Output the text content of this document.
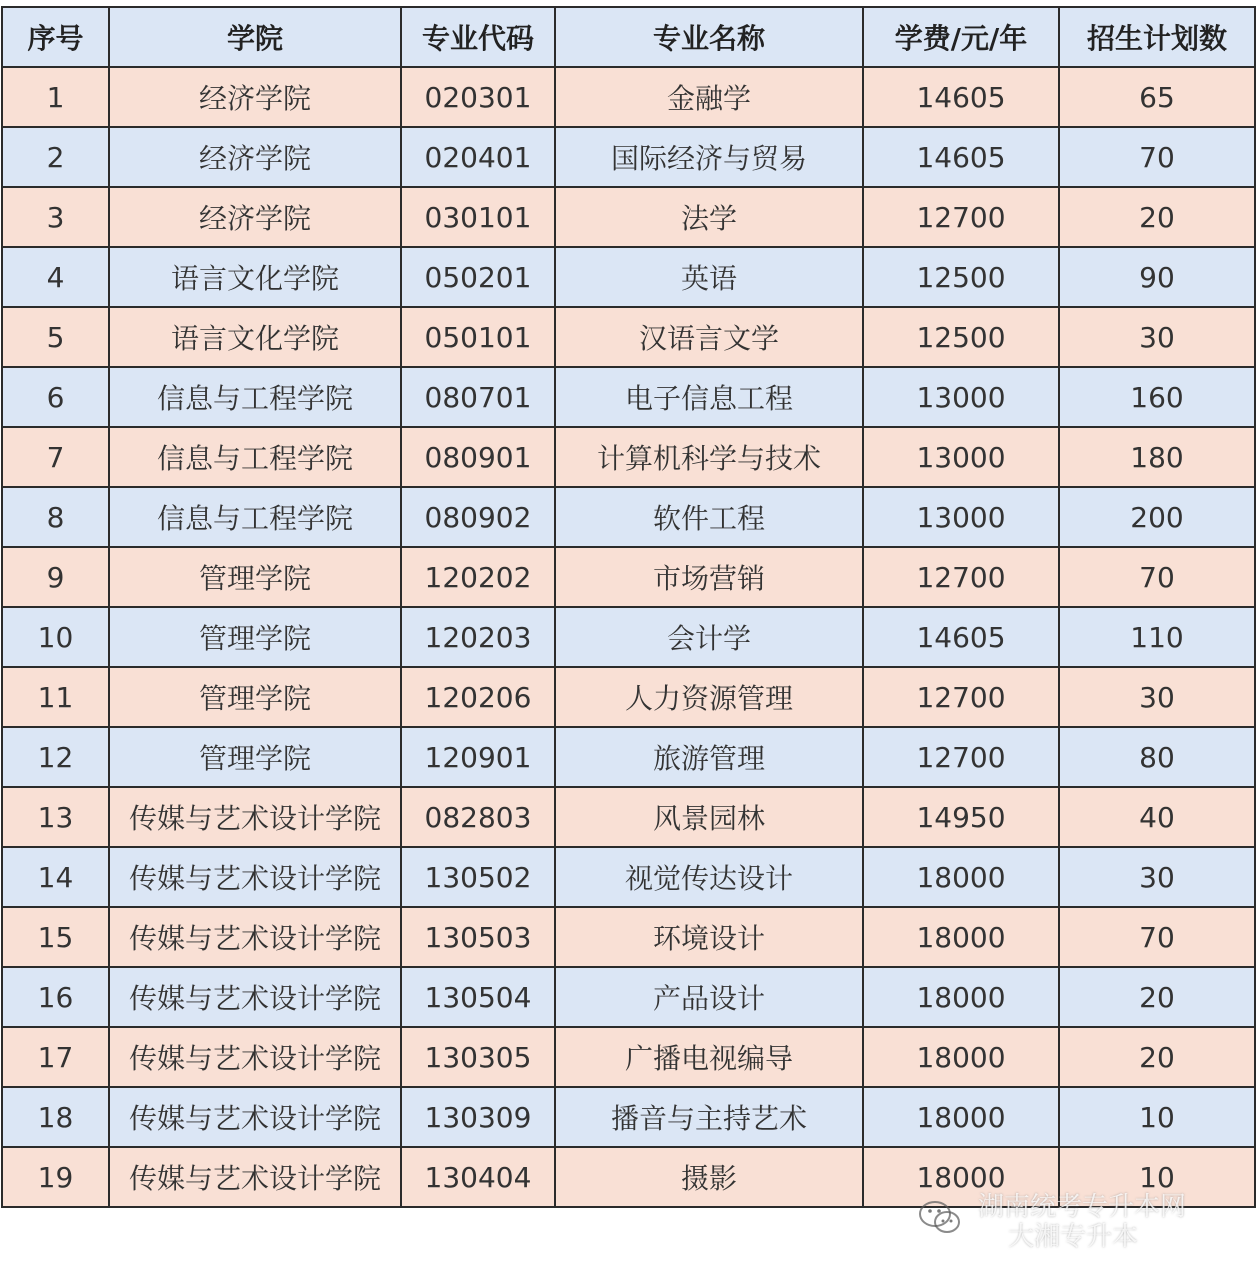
序号	学院	专业代码	专业名称	学费/元/年	招生计划数
1	经济学院	020301	金融学	14605	65
2	经济学院	020401	国际经济与贸易	14605	70
3	经济学院	030101	法学	12700	20
4	语言文化学院	050201	英语	12500	90
5	语言文化学院	050101	汉语言文学	12500	30
6	信息与工程学院	080701	电子信息工程	13000	160
7	信息与工程学院	080901	计算机科学与技术	13000	180
8	信息与工程学院	080902	软件工程	13000	200
9	管理学院	120202	市场营销	12700	70
10	管理学院	120203	会计学	14605	110
11	管理学院	120206	人力资源管理	12700	30
12	管理学院	120901	旅游管理	12700	80
13	传媒与艺术设计学院	082803	风景园林	14950	40
14	传媒与艺术设计学院	130502	视觉传达设计	18000	30
15	传媒与艺术设计学院	130503	环境设计	18000	70
16	传媒与艺术设计学院	130504	产品设计	18000	20
17	传媒与艺术设计学院	130305	广播电视编导	18000	20
18	传媒与艺术设计学院	130309	播音与主持艺术	18000	10
19	传媒与艺术设计学院	130404	摄影	18000	10
湖南统考专升本网
大湘专升本
